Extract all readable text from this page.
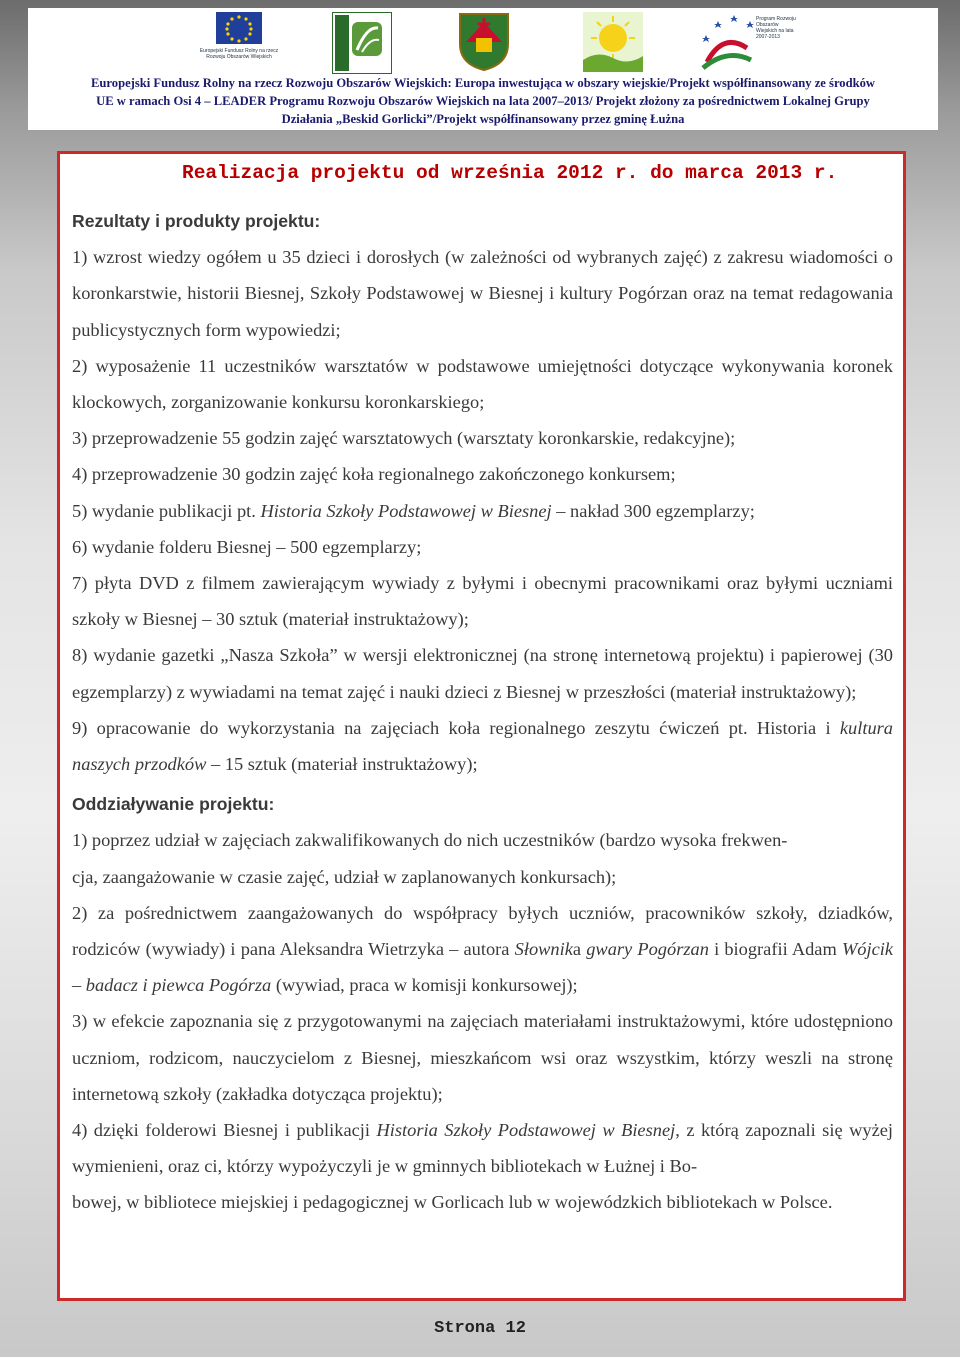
Europejski Fundusz Rolny na rzecz Rozwoju Obszarów Wiejskich
Program Rozwoju Obszarów Wiejskich na lata 2007-2013
Europejski Fundusz Rolny na rzecz Rozwoju Obszarów Wiejskich: Europa inwestująca w obszary wiejskie/Projekt współfinansowany ze środków
UE w ramach Osi 4 – LEADER Programu Rozwoju Obszarów Wiejskich na lata 2007–2013/ Projekt złożony za pośrednictwem Lokalnej Grupy
Działania „Beskid Gorlicki”/Projekt współfinansowany przez gminę Łużna
Realizacja projektu od września 2012 r. do marca 2013 r.
Rezultaty i produkty projektu:
1) wzrost wiedzy ogółem u 35 dzieci i dorosłych (w zależności od wybranych zajęć) z zakresu wiadomości o koronkarstwie, historii Biesnej, Szkoły Podstawowej w Biesnej i kultury Pogórzan oraz na temat redagowania publicystycznych form wypowiedzi;
2) wyposażenie 11 uczestników warsztatów w podstawowe umiejętności dotyczące wykonywania koronek klockowych, zorganizowanie konkursu koronkarskiego;
3) przeprowadzenie 55 godzin zajęć warsztatowych (warsztaty koronkarskie, redakcyjne);
4) przeprowadzenie 30 godzin zajęć koła regionalnego zakończonego konkursem;
5) wydanie publikacji pt. Historia Szkoły Podstawowej w Biesnej – nakład 300 egzemplarzy;
6) wydanie folderu Biesnej – 500 egzemplarzy;
7) płyta DVD z filmem zawierającym wywiady z byłymi i obecnymi pracownikami oraz byłymi uczniami szkoły w Biesnej – 30 sztuk (materiał instruktażowy);
8) wydanie gazetki „Nasza Szkoła” w wersji elektronicznej (na stronę internetową projektu) i papierowej (30 egzemplarzy) z wywiadami na temat zajęć i nauki dzieci z Biesnej w przeszłości (materiał instruktażowy);
9) opracowanie do wykorzystania na zajęciach koła regionalnego zeszytu ćwiczeń pt. Historia i kultura naszych przodków – 15 sztuk (materiał instruktażowy);
Oddziaływanie projektu:
1) poprzez udział w zajęciach zakwalifikowanych do nich uczestników (bardzo wysoka frekwen-
cja, zaangażowanie w czasie zajęć, udział w zaplanowanych konkursach);
2) za pośrednictwem zaangażowanych do współpracy byłych uczniów, pracowników szkoły, dziadków, rodziców (wywiady) i pana Aleksandra Wietrzyka – autora Słownika gwary Pogórzan i biografii Adam Wójcik – badacz i piewca Pogórza (wywiad, praca w komisji konkursowej);
3) w efekcie zapoznania się z przygotowanymi na zajęciach materiałami instruktażowymi, które udostępniono uczniom, rodzicom, nauczycielom z Biesnej, mieszkańcom wsi oraz wszystkim, którzy weszli na stronę internetową szkoły (zakładka dotycząca projektu);
4) dzięki folderowi Biesnej i publikacji Historia Szkoły Podstawowej w Biesnej, z którą zapoznali się wyżej wymienieni, oraz ci, którzy wypożyczyli je w gminnych bibliotekach w Łużnej i Bo-
bowej, w bibliotece miejskiej i pedagogicznej w Gorlicach lub w wojewódzkich bibliotekach w Polsce.
Strona 12
